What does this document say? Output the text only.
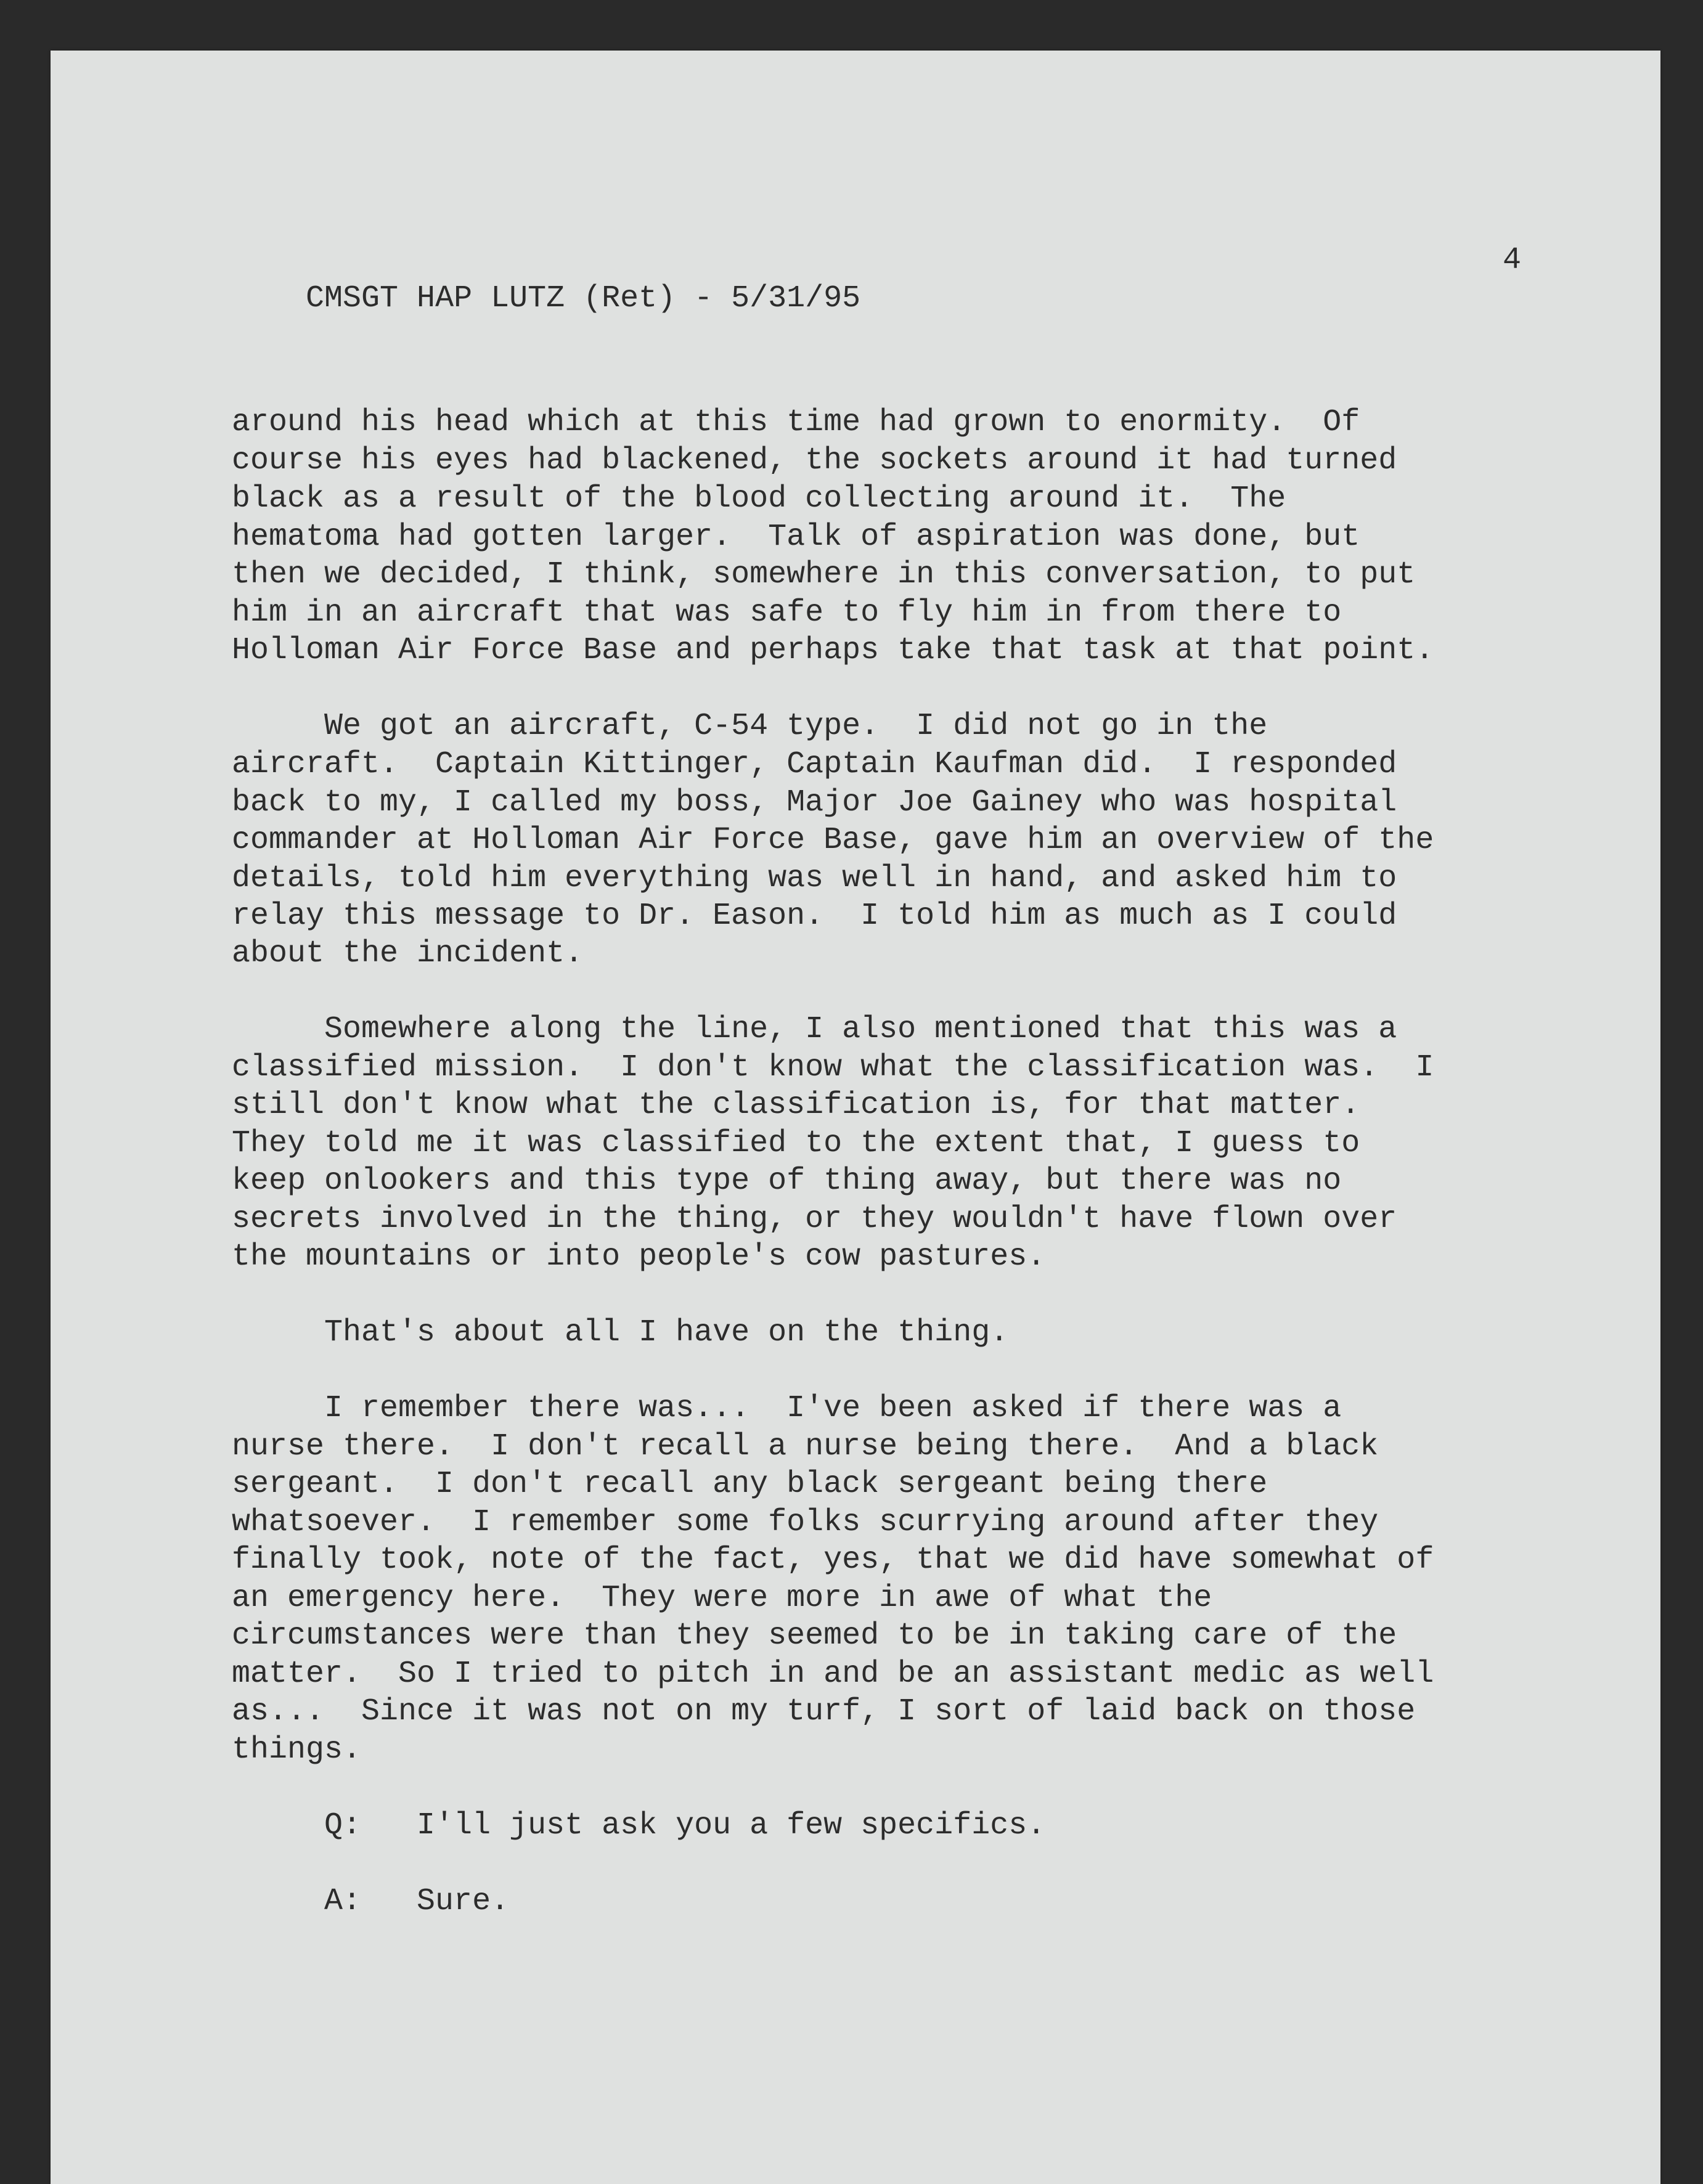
CMSGT HAP LUTZ (Ret) - 5/31/95

4

around his head which at this time had grown to enormity.  Of
course his eyes had blackened, the sockets around it had turned
black as a result of the blood collecting around it.  The
hematoma had gotten larger.  Talk of aspiration was done, but
then we decided, I think, somewhere in this conversation, to put
him in an aircraft that was safe to fly him in from there to
Holloman Air Force Base and perhaps take that task at that point.
We got an aircraft, C-54 type.  I did not go in the
aircraft.  Captain Kittinger, Captain Kaufman did.  I responded
back to my, I called my boss, Major Joe Gainey who was hospital
commander at Holloman Air Force Base, gave him an overview of the
details, told him everything was well in hand, and asked him to
relay this message to Dr. Eason.  I told him as much as I could
about the incident.
Somewhere along the line, I also mentioned that this was a
classified mission.  I don't know what the classification was.  I
still don't know what the classification is, for that matter.
They told me it was classified to the extent that, I guess to
keep onlookers and this type of thing away, but there was no
secrets involved in the thing, or they wouldn't have flown over
the mountains or into people's cow pastures.
That's about all I have on the thing.
I remember there was...  I've been asked if there was a
nurse there.  I don't recall a nurse being there.  And a black
sergeant.  I don't recall any black sergeant being there
whatsoever.  I remember some folks scurrying around after they
finally took, note of the fact, yes, that we did have somewhat of
an emergency here.  They were more in awe of what the
circumstances were than they seemed to be in taking care of the
matter.  So I tried to pitch in and be an assistant medic as well
as...  Since it was not on my turf, I sort of laid back on those
things.
Q:   I'll just ask you a few specifics.
A:   Sure.
